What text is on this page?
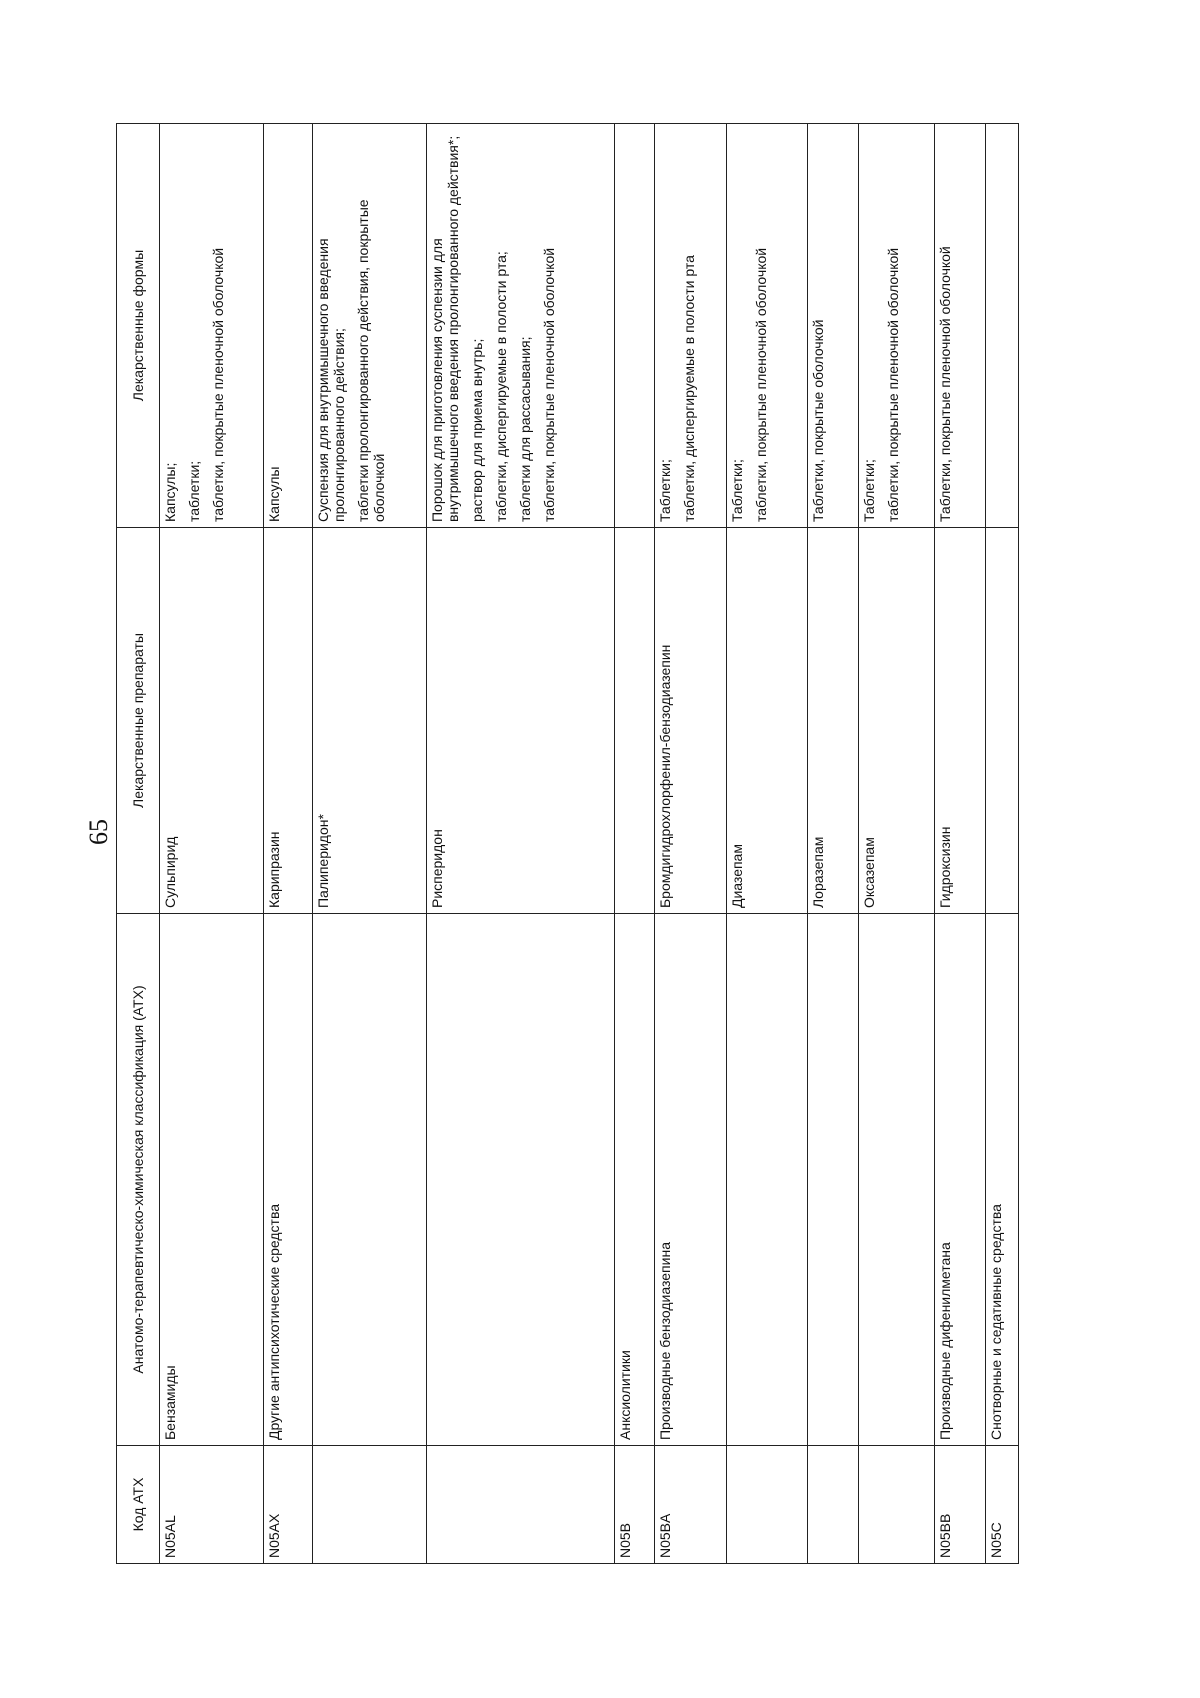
65
Код АТХ	Анатомо-терапевтическо-химическая классификация (АТХ)	Лекарственные препараты	Лекарственные формы
N05AL	Бензамиды	Сульпирид	Капсулы; таблетки; таблетки, покрытые пленочной оболочкой

N05AX	Другие антипсихотические средства	Карипразин	Капсулы

		Палиперидон*	Суспензия для внутримышечного введения пролонгированного действия; таблетки пролонгированного действия, покрытые оболочкой

		Рисперидон	Порошок для приготовления суспензии для внутримышечного введения пролонгированного действия*; раствор для приема внутрь; таблетки, диспергируемые в полости рта; таблетки для рассасывания; таблетки, покрытые пленочной оболочкой

N05B	Анксиолитики		
N05BA	Производные бензодиазепина	Бромдигидрохлорфенил-бензодиазепин	Таблетки; таблетки, диспергируемые в полости рта

		Диазепам	Таблетки; таблетки, покрытые пленочной оболочкой

		Лоразепам	Таблетки, покрытые оболочкой

		Оксазепам	Таблетки; таблетки, покрытые пленочной оболочкой

N05BB	Производные дифенилметана	Гидроксизин	Таблетки, покрытые пленочной оболочкой

N05C	Снотворные и седативные средства		
